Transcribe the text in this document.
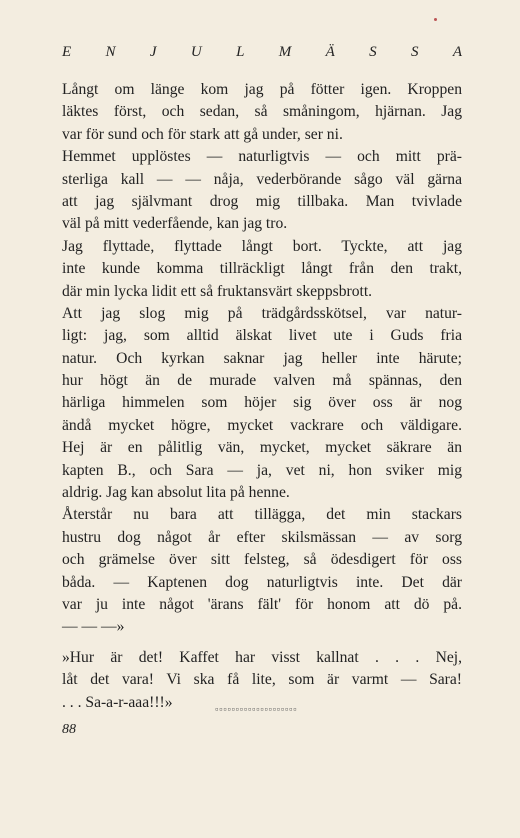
E N J U L M Ä S S A
Långt om länge kom jag på fötter igen. Kroppen
läktes först, och sedan, så småningom, hjärnan. Jag
var för sund och för stark att gå under, ser ni.
Hemmet upplöstes — naturligtvis — och mitt prä-
sterliga kall — — nåja, vederbörande sågo väl gärna
att jag självmant drog mig tillbaka. Man tvivlade
väl på mitt vederfående, kan jag tro.
Jag flyttade, flyttade långt bort. Tyckte, att jag
inte kunde komma tillräckligt långt från den trakt,
där min lycka lidit ett så fruktansvärt skeppsbrott.
Att jag slog mig på trädgårdsskötsel, var natur-
ligt: jag, som alltid älskat livet ute i Guds fria
natur. Och kyrkan saknar jag heller inte härute;
hur högt än de murade valven må spännas, den
härliga himmelen som höjer sig över oss är nog
ändå mycket högre, mycket vackrare och väldigare.
Hej är en pålitlig vän, mycket, mycket säkrare än
kapten B., och Sara — ja, vet ni, hon sviker mig
aldrig. Jag kan absolut lita på henne.
Återstår nu bara att tillägga, det min stackars
hustru dog något år efter skilsmässan — av sorg
och grämelse över sitt felsteg, så ödesdigert för oss
båda. — Kaptenen dog naturligtvis inte. Det där
var ju inte något 'ärans fält' för honom att dö på.
— — —»
»Hur är det! Kaffet har visst kallnat . . . Nej,
låt det vara! Vi ska få lite, som är varmt — Sara!
. . . Sa-a-r-aaa!!!»	▫▫▫▫▫▫▫▫▫▫▫▫▫▫▫▫▫▫▫▫
88
